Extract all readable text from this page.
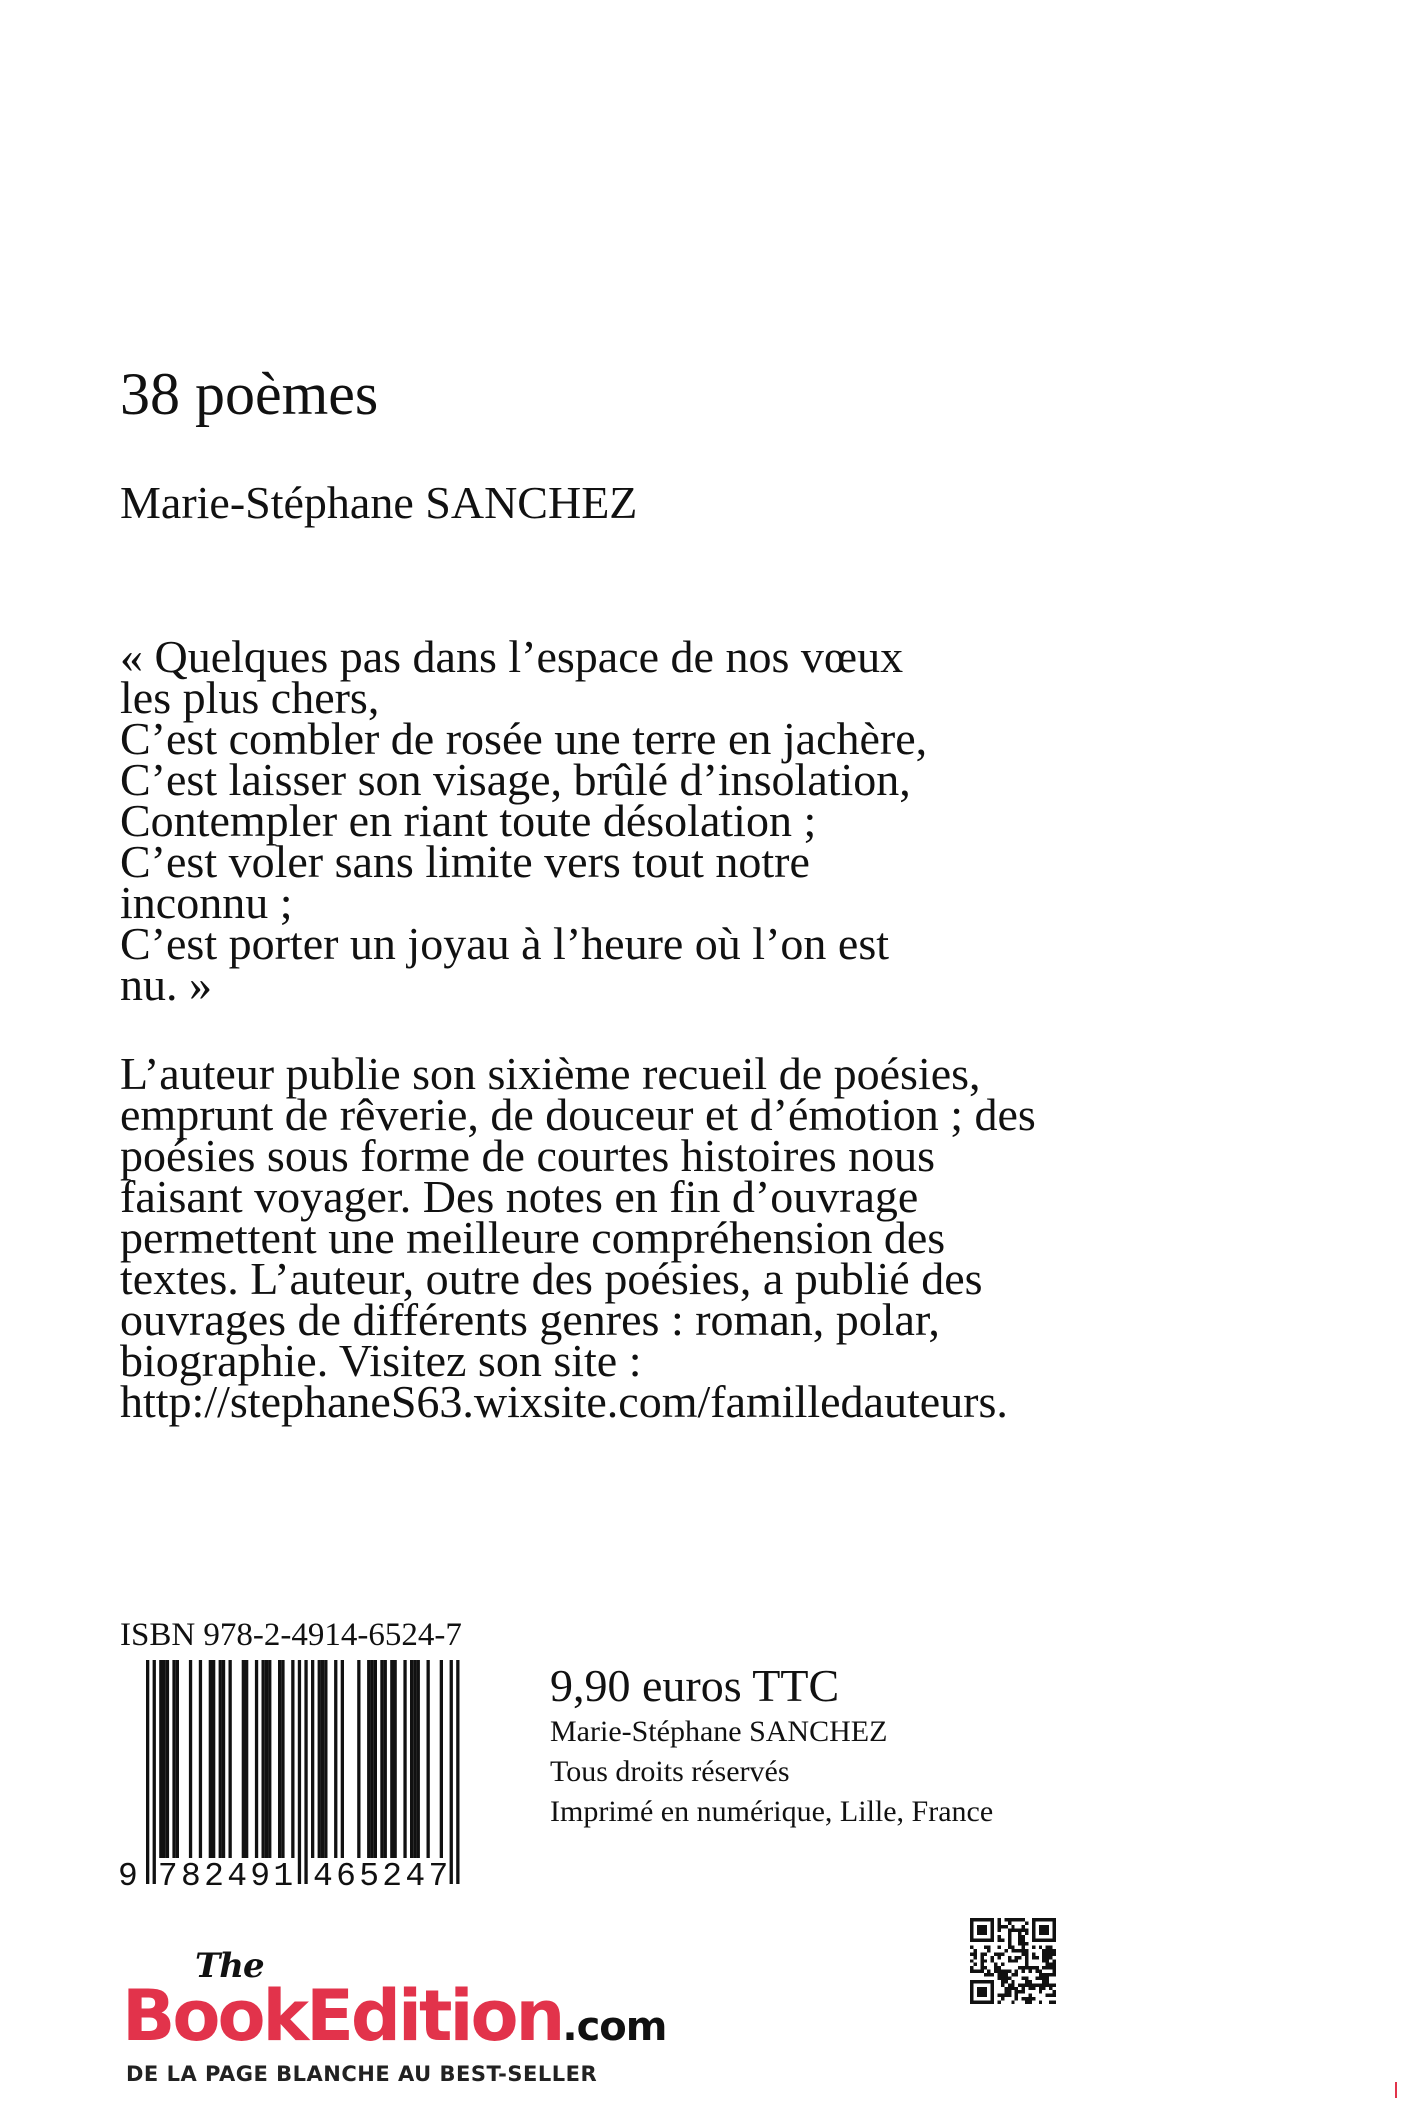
38 poèmes
Marie-Stéphane SANCHEZ
« Quelques pas dans l’espace de nos vœux
les plus chers,
C’est combler de rosée une terre en jachère,
C’est laisser son visage, brûlé d’insolation,
Contempler en riant toute désolation ;
C’est voler sans limite vers tout notre
inconnu ;
C’est porter un joyau à l’heure où l’on est
nu. »

L’auteur publie son sixième recueil de poésies, emprunt de rêverie, de douceur et d’émotion ; des poésies sous forme de courtes histoires nous faisant voyager. Des notes en fin d’ouvrage permettent une meilleure compréhension des textes. L’auteur, outre des poésies, a publié des ouvrages de différents genres : roman, polar, biographie. Visitez son site : http://stephaneS63.wixsite.com/familledauteurs.

ISBN 978-2-4914-6524-7
9 7 8 2 4 9 1 4 6 5 2 4 7
9,90 euros TTC
Marie-Stéphane SANCHEZ
Tous droits réservés
Imprimé en numérique, Lille, France
The
BookEdition.com
DE LA PAGE BLANCHE AU BEST-SELLER
